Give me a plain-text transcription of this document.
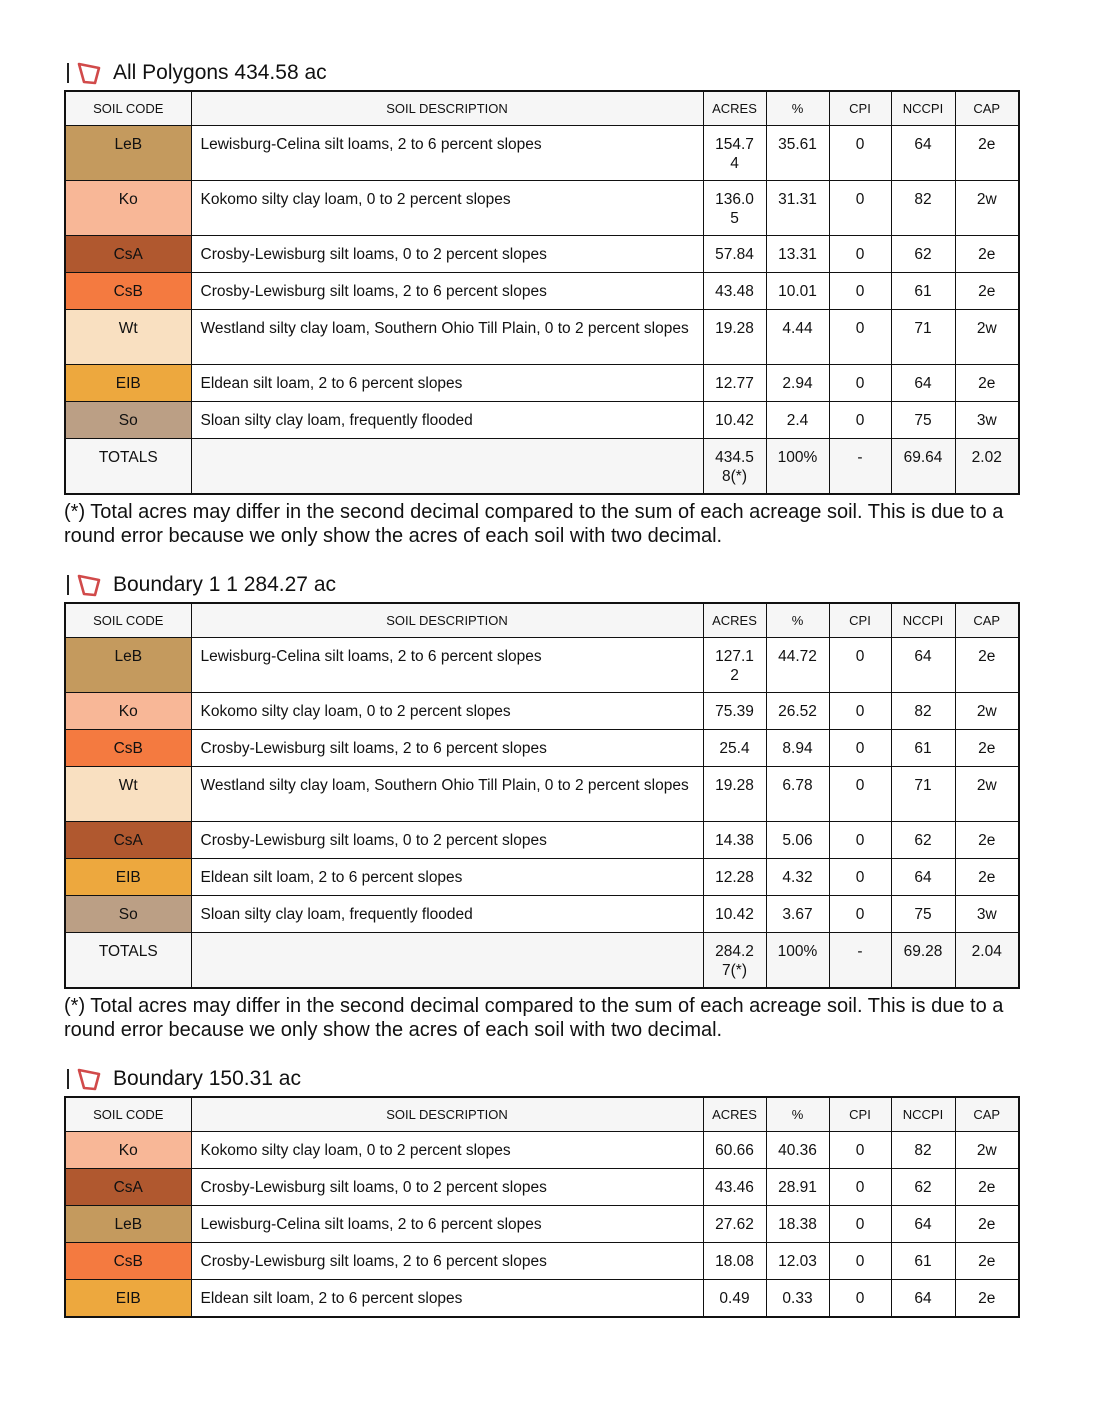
All Polygons 434.58 ac
SOIL CODE	SOIL DESCRIPTION	ACRES	%	CPI	NCCPI	CAP
LeB	Lewisburg-Celina silt loams, 2 to 6 percent slopes	154.74	35.61	0	64	2e
Ko	Kokomo silty clay loam, 0 to 2 percent slopes	136.05	31.31	0	82	2w
CsA	Crosby-Lewisburg silt loams, 0 to 2 percent slopes	57.84	13.31	0	62	2e
CsB	Crosby-Lewisburg silt loams, 2 to 6 percent slopes	43.48	10.01	0	61	2e
Wt	Westland silty clay loam, Southern Ohio Till Plain, 0 to 2 percent slopes	19.28	4.44	0	71	2w
EIB	Eldean silt loam, 2 to 6 percent slopes	12.77	2.94	0	64	2e
So	Sloan silty clay loam, frequently flooded	10.42	2.4	0	75	3w
TOTALS		434.58(*)	100%	-	69.64	2.02
(*) Total acres may differ in the second decimal compared to the sum of each acreage soil. This is due to a round error because we only show the acres of each soil with two decimal.
Boundary 1 1 284.27 ac
SOIL CODE	SOIL DESCRIPTION	ACRES	%	CPI	NCCPI	CAP
LeB	Lewisburg-Celina silt loams, 2 to 6 percent slopes	127.12	44.72	0	64	2e
Ko	Kokomo silty clay loam, 0 to 2 percent slopes	75.39	26.52	0	82	2w
CsB	Crosby-Lewisburg silt loams, 2 to 6 percent slopes	25.4	8.94	0	61	2e
Wt	Westland silty clay loam, Southern Ohio Till Plain, 0 to 2 percent slopes	19.28	6.78	0	71	2w
CsA	Crosby-Lewisburg silt loams, 0 to 2 percent slopes	14.38	5.06	0	62	2e
EIB	Eldean silt loam, 2 to 6 percent slopes	12.28	4.32	0	64	2e
So	Sloan silty clay loam, frequently flooded	10.42	3.67	0	75	3w
TOTALS		284.27(*)	100%	-	69.28	2.04
(*) Total acres may differ in the second decimal compared to the sum of each acreage soil. This is due to a round error because we only show the acres of each soil with two decimal.
Boundary 150.31 ac
SOIL CODE	SOIL DESCRIPTION	ACRES	%	CPI	NCCPI	CAP
Ko	Kokomo silty clay loam, 0 to 2 percent slopes	60.66	40.36	0	82	2w
CsA	Crosby-Lewisburg silt loams, 0 to 2 percent slopes	43.46	28.91	0	62	2e
LeB	Lewisburg-Celina silt loams, 2 to 6 percent slopes	27.62	18.38	0	64	2e
CsB	Crosby-Lewisburg silt loams, 2 to 6 percent slopes	18.08	12.03	0	61	2e
EIB	Eldean silt loam, 2 to 6 percent slopes	0.49	0.33	0	64	2e
